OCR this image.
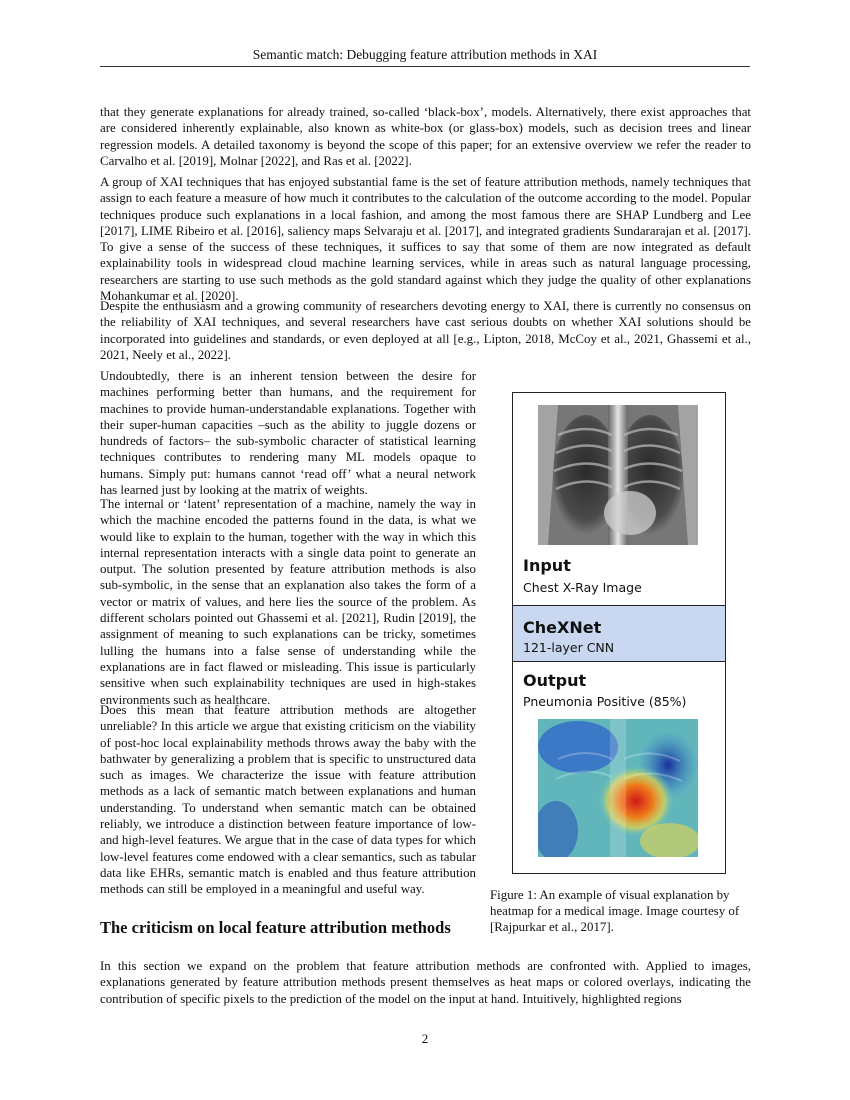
Semantic match: Debugging feature attribution methods in XAI

that they generate explanations for already trained, so-called ‘black-box’, models. Alternatively, there exist approaches that are considered inherently explainable, also known as white-box (or glass-box) models, such as decision trees and linear regression models. A detailed taxonomy is beyond the scope of this paper; for an extensive overview we refer the reader to Carvalho et al. [2019], Molnar [2022], and Ras et al. [2022].

A group of XAI techniques that has enjoyed substantial fame is the set of feature attribution methods, namely techniques that assign to each feature a measure of how much it contributes to the calculation of the outcome according to the model. Popular techniques produce such explanations in a local fashion, and among the most famous there are SHAP Lundberg and Lee [2017], LIME Ribeiro et al. [2016], saliency maps Selvaraju et al. [2017], and integrated gradients Sundararajan et al. [2017]. To give a sense of the success of these techniques, it suffices to say that some of them are now integrated as default explainability tools in widespread cloud machine learning services, while in areas such as natural language processing, researchers are starting to use such methods as the gold standard against which they judge the quality of other explanations Mohankumar et al. [2020].

Despite the enthusiasm and a growing community of researchers devoting energy to XAI, there is currently no consensus on the reliability of XAI techniques, and several researchers have cast serious doubts on whether XAI solutions should be incorporated into guidelines and standards, or even deployed at all [e.g., Lipton, 2018, McCoy et al., 2021, Ghassemi et al., 2021, Neely et al., 2022].

Undoubtedly, there is an inherent tension between the desire for machines performing better than humans, and the requirement for machines to provide human-understandable explanations. Together with their super-human capacities –such as the ability to juggle dozens or hundreds of factors– the sub-symbolic character of statistical learning techniques contributes to rendering many ML models opaque to humans. Simply put: humans cannot ‘read off’ what a neural network has learned just by looking at the matrix of weights.

The internal or ‘latent’ representation of a machine, namely the way in which the machine encoded the patterns found in the data, is what we would like to explain to the human, together with the way in which this internal representation interacts with a single data point to generate an output. The solution presented by feature attribution methods is also sub-symbolic, in the sense that an explanation also takes the form of a vector or matrix of values, and here lies the source of the problem. As different scholars pointed out Ghassemi et al. [2021], Rudin [2019], the assignment of meaning to such explanations can be tricky, sometimes lulling the humans into a false sense of understanding while the explanations are in fact flawed or misleading. This issue is particularly sensitive when such explainability techniques are used in high-stakes environments such as healthcare.

Does this mean that feature attribution methods are altogether unreliable? In this article we argue that existing criticism on the viability of post-hoc local explainability methods throws away the baby with the bathwater by generalizing a problem that is specific to unstructured data such as images. We characterize the issue with feature attribution methods as a lack of semantic match between explanations and human understanding. To understand when semantic match can be obtained reliably, we introduce a distinction between feature importance of low- and high-level features. We argue that in the case of data types for which low-level features come endowed with a clear semantics, such as tabular data like EHRs, semantic match is enabled and thus feature attribution methods can still be employed in a meaningful and useful way.

The criticism on local feature attribution methods

In this section we expand on the problem that feature attribution methods are confronted with. Applied to images, explanations generated by feature attribution methods present themselves as heat maps or colored overlays, indicating the contribution of specific pixels to the prediction of the model on the input at hand. Intuitively, highlighted regions

Input
Chest X-Ray Image
CheXNet
121-layer CNN
Output
Pneumonia Positive (85%)

Figure 1: An example of visual explanation by heatmap for a medical image. Image courtesy of [Rajpurkar et al., 2017].

2
